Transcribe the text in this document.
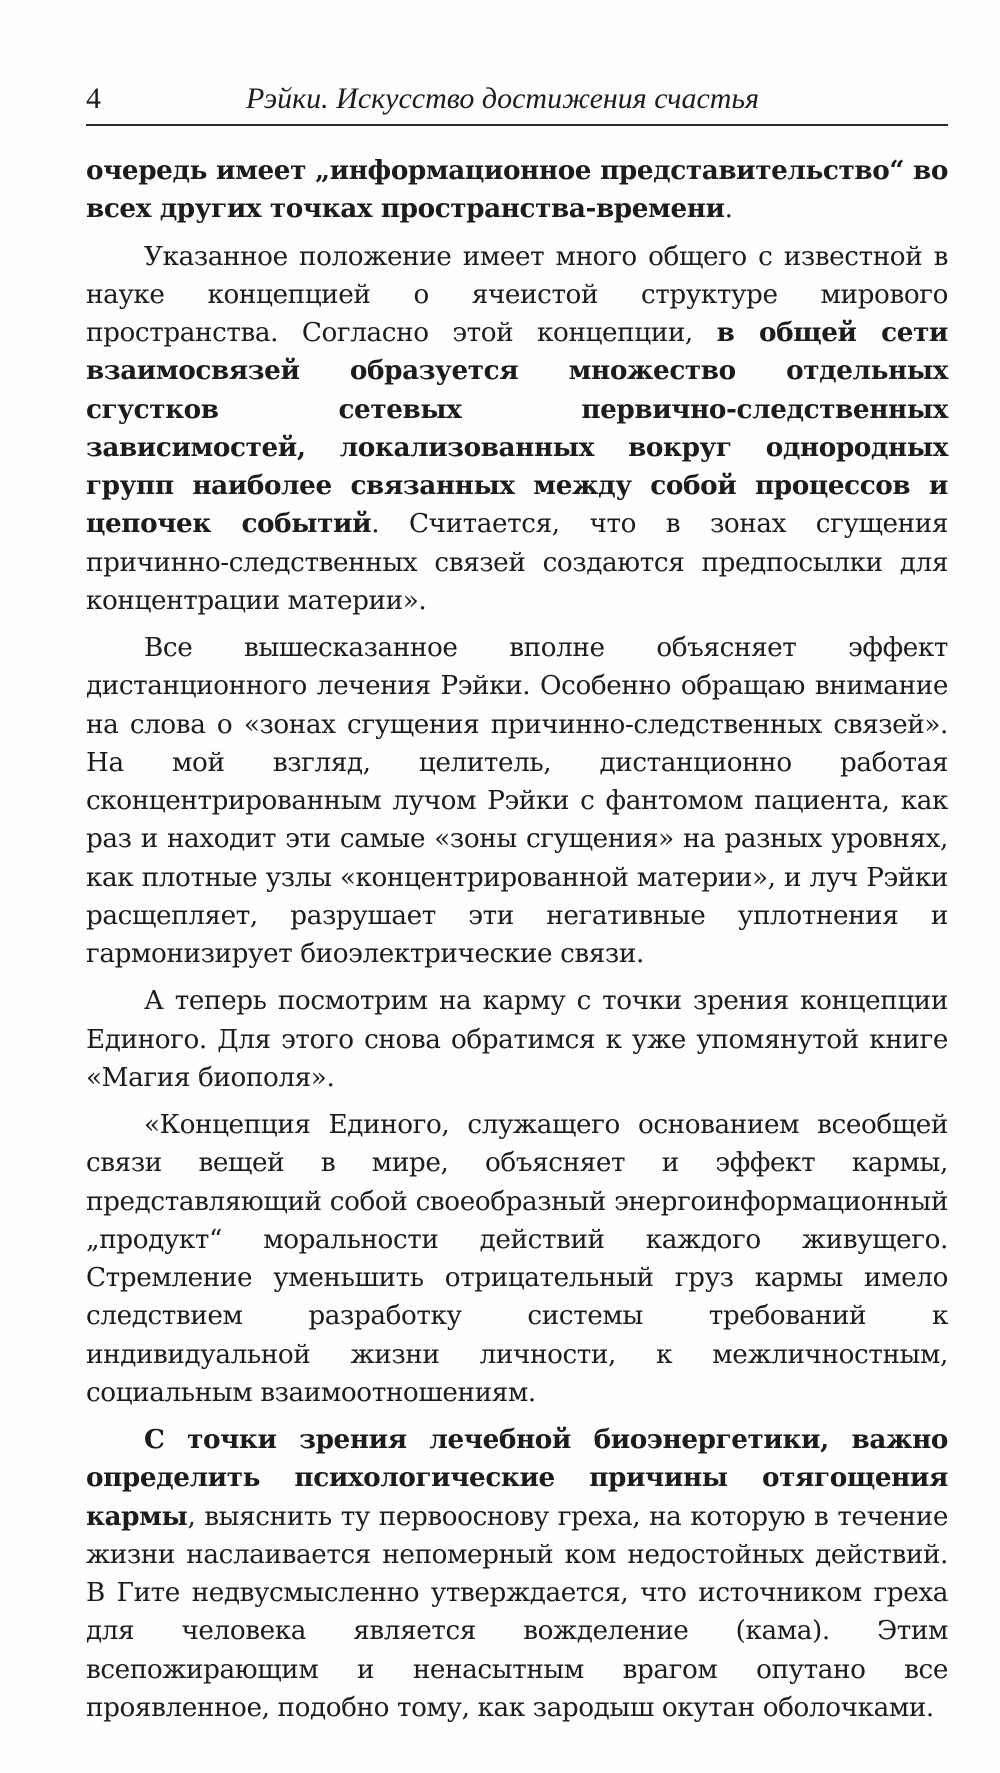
4	Рэйки. Искусство достижения счастья

очередь имеет „информационное представительство“ во всех других точках пространства-времени.

Указанное положение имеет много общего с известной в науке концепцией о ячеистой структуре мирового пространства. Согласно этой концепции, в общей сети взаимосвязей образуется множество отдельных сгустков сетевых первично-следственных зависимостей, локализованных вокруг однородных групп наиболее связанных между собой процессов и цепочек событий. Считается, что в зонах сгущения причинно-следственных связей создаются предпосылки для концентрации материи».

Все вышесказанное вполне объясняет эффект дистанционного лечения Рэйки. Особенно обращаю внимание на слова о «зонах сгущения причинно-следственных связей». На мой взгляд, целитель, дистанционно работая сконцентрированным лучом Рэйки с фантомом пациента, как раз и находит эти самые «зоны сгущения» на разных уровнях, как плотные узлы «концентрированной материи», и луч Рэйки расщепляет, разрушает эти негативные уплотнения и гармонизирует биоэлектрические связи.

А теперь посмотрим на карму с точки зрения концепции Единого. Для этого снова обратимся к уже упомянутой книге «Магия биополя».

«Концепция Единого, служащего основанием всеобщей связи вещей в мире, объясняет и эффект кармы, представляющий собой своеобразный энергоинформационный „продукт“ моральности действий каждого живущего. Стремление уменьшить отрицательный груз кармы имело следствием разработку системы требований к индивидуальной жизни личности, к межличностным, социальным взаимоотношениям.

С точки зрения лечебной биоэнергетики, важно определить психологические причины отягощения кармы, выяснить ту первооснову греха, на которую в течение жизни наслаивается непомерный ком недостойных действий. В Гите недвусмысленно утверждается, что источником греха для человека является вожделение (кама). Этим всепожирающим и ненасытным врагом опутано все проявленное, подобно тому, как зародыш окутан оболочками.
